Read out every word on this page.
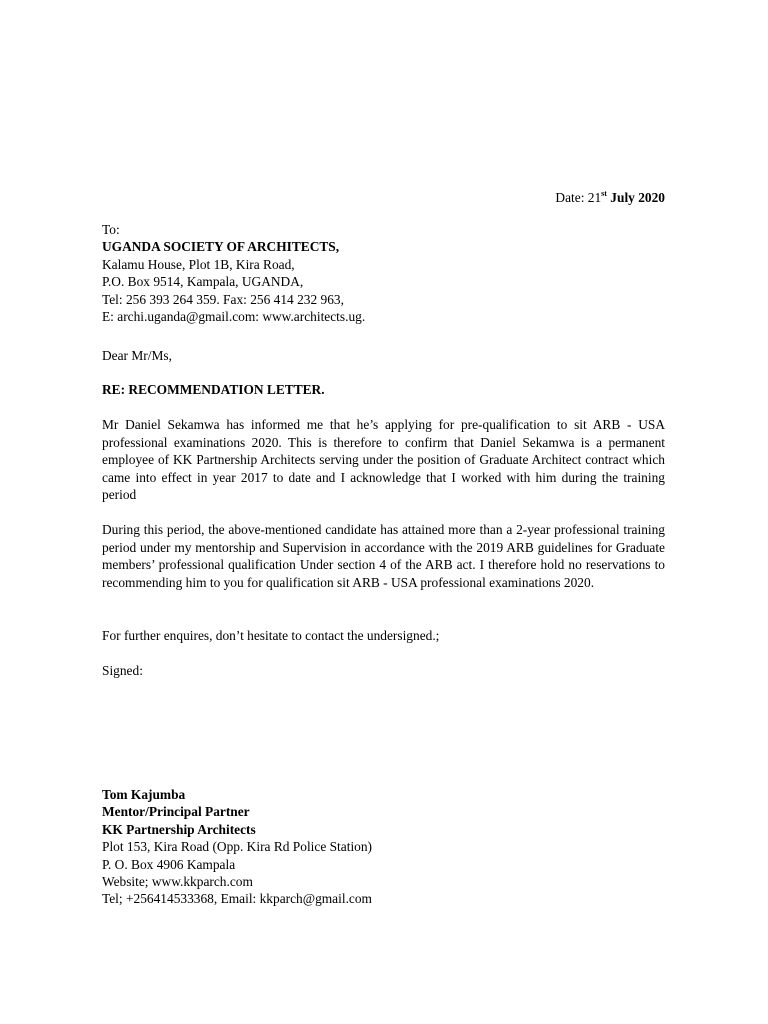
Date: 21st July 2020
To:
UGANDA SOCIETY OF ARCHITECTS,
Kalamu House, Plot 1B, Kira Road,
P.O. Box 9514, Kampala, UGANDA,
Tel: 256 393 264 359. Fax: 256 414 232 963,
E: archi.uganda@gmail.com: www.architects.ug.
Dear Mr/Ms,
RE: RECOMMENDATION LETTER.

Mr Daniel Sekamwa has informed me that he’s applying for pre-qualification to sit ARB - USA professional examinations 2020. This is therefore to confirm that Daniel Sekamwa is a permanent employee of KK Partnership Architects serving under the position of Graduate Architect contract which came into effect in year 2017 to date and I acknowledge that I worked with him during the training period

During this period, the above-mentioned candidate has attained more than a 2-year professional training period under my mentorship and Supervision in accordance with the 2019 ARB guidelines for Graduate members’ professional qualification Under section 4 of the ARB act. I therefore hold no reservations to recommending him to you for qualification sit ARB - USA professional examinations 2020.

For further enquires, don’t hesitate to contact the undersigned.;

Signed:
Tom Kajumba
Mentor/Principal Partner
KK Partnership Architects
Plot 153, Kira Road (Opp. Kira Rd Police Station)
P. O. Box 4906 Kampala
Website; www.kkparch.com
Tel; +256414533368, Email: kkparch@gmail.com
